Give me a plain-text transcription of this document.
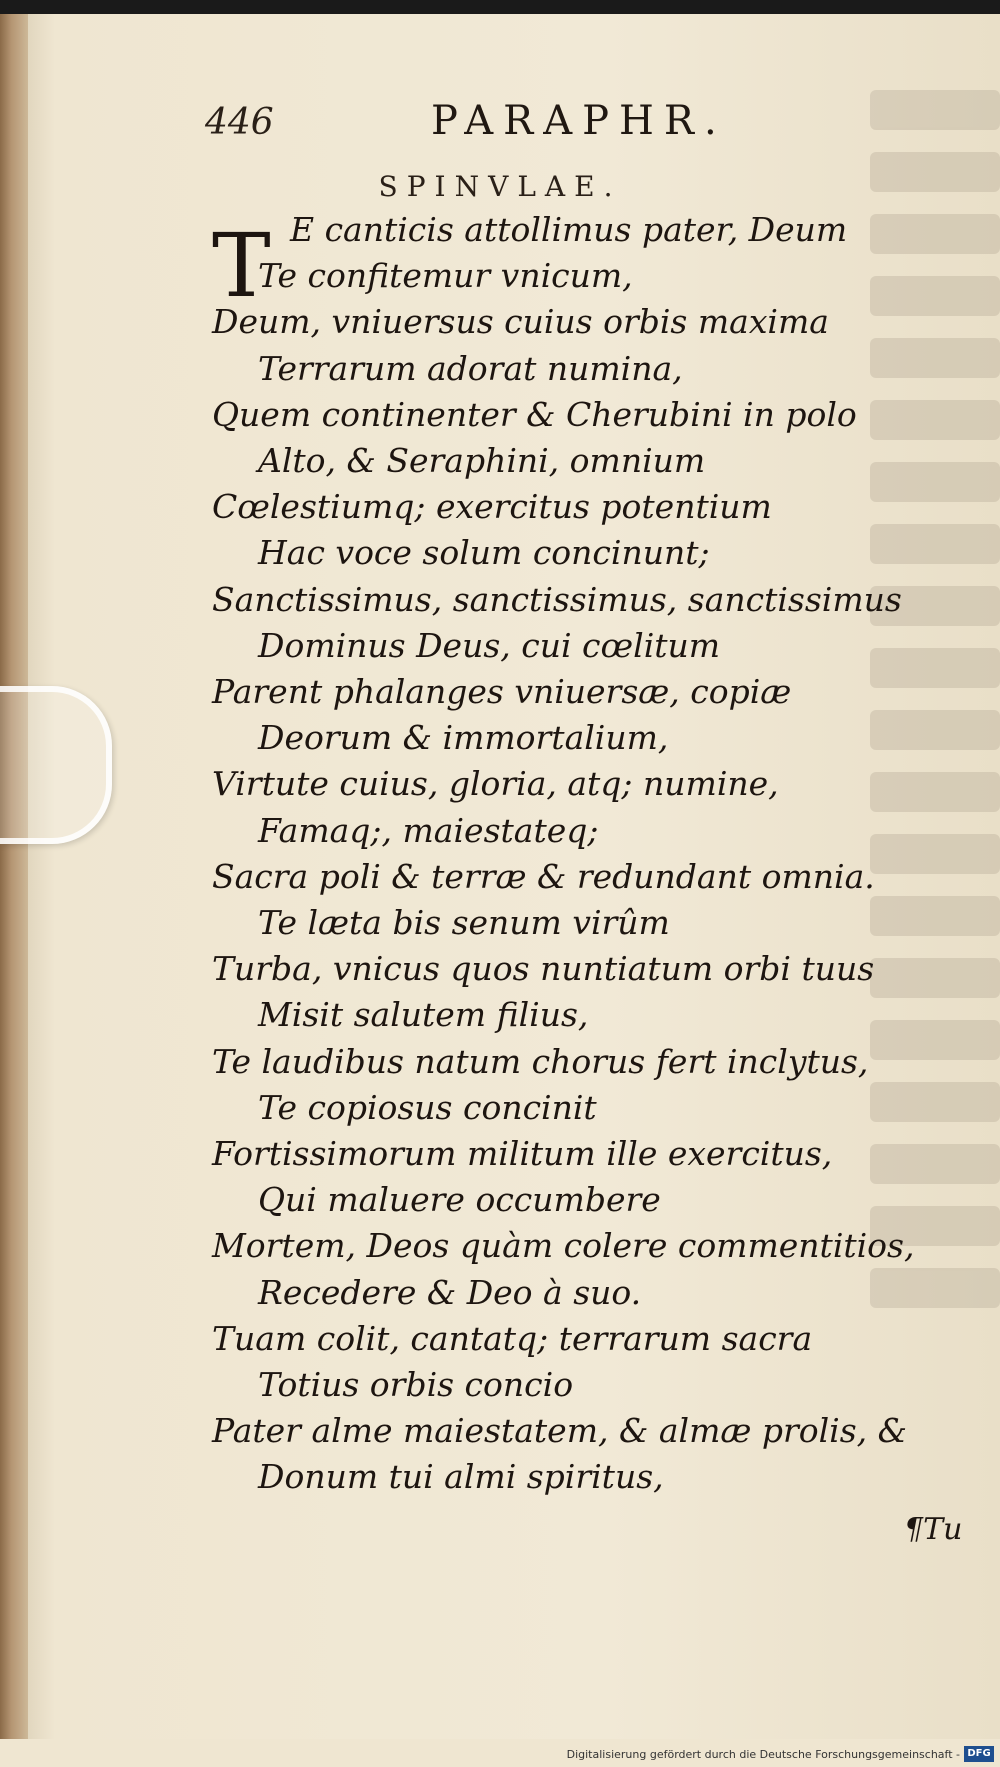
446	PARAPHR.
SPINVLAE.
T E canticis attollimus pater, Deum
Te confitemur vnicum,
Deum, vniuersus cuius orbis maxima
Terrarum adorat numina,
Quem continenter & Cherubini in polo
Alto, & Seraphini, omnium
Cœlestiumq; exercitus potentium
Hac voce solum concinunt;
Sanctissimus, sanctissimus, sanctissimus
Dominus Deus, cui cœlitum
Parent phalanges vniuersæ, copiæ
Deorum & immortalium,
Virtute cuius, gloria, atq; numine,
Famaq;, maiestateq;
Sacra poli & terræ & redundant omnia.
Te læta bis senum virûm
Turba, vnicus quos nuntiatum orbi tuus
Misit salutem filius,
Te laudibus natum chorus fert inclytus,
Te copiosus concinit
Fortissimorum militum ille exercitus,
Qui maluere occumbere
Mortem, Deos quàm colere commentitios,
Recedere & Deo à suo.
Tuam colit, cantatq; terrarum sacra
Totius orbis concio
Pater alme maiestatem, & almæ prolis, &
Donum tui almi spiritus,
¶Tu
Digitalisierung gefördert durch die Deutsche Forschungsgemeinschaft - DFG
